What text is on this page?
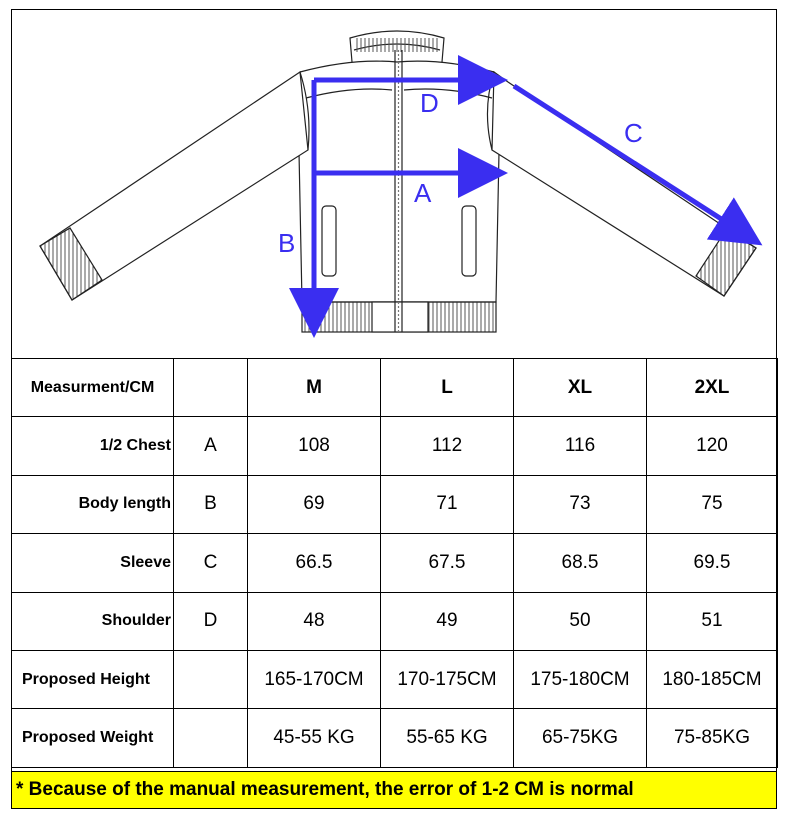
D
C
A
B
Measurment/CM		M	L	XL	2XL
1/2 Chest	A	108	112	116	120
Body length	B	69	71	73	75
Sleeve	C	66.5	67.5	68.5	69.5
Shoulder	D	48	49	50	51
Proposed Height		165-170CM	170-175CM	175-180CM	180-185CM
Proposed Weight		45-55 KG	55-65 KG	65-75KG	75-85KG
* Because of the manual measurement, the error of 1-2 CM is normal
